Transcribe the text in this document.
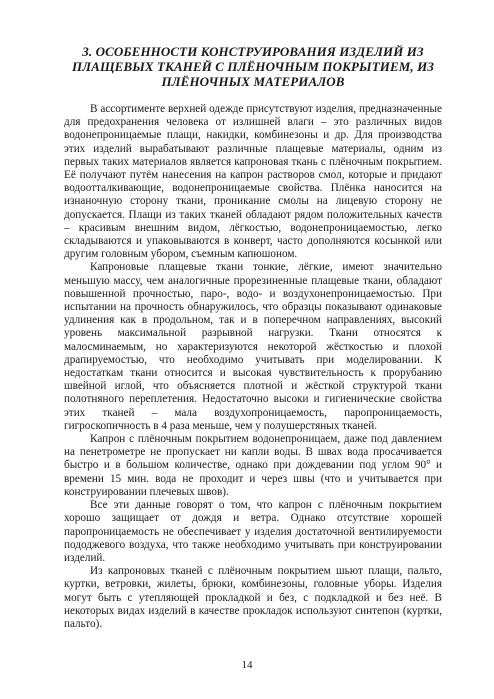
3. ОСОБЕННОСТИ КОНСТРУИРОВАНИЯ ИЗДЕЛИЙ ИЗ
ПЛАЩЕВЫХ ТКАНЕЙ С ПЛЁНОЧНЫМ ПОКРЫТИЕМ, ИЗ
ПЛЁНОЧНЫХ МАТЕРИАЛОВ

В ассортименте верхней одежде присутствуют изделия, предназначенные для предохранения человека от излишней влаги – это различных видов водонепроницаемые плащи, накидки, комбинезоны и др. Для производства этих изделий вырабатывают различные плащевые материалы, одним из первых таких материалов является капроновая ткань с плёночным покрытием. Её получают путём нанесения на капрон растворов смол, которые и придают водоотталкивающие, водонепроницаемые свойства. Плёнка наносится на изнаночную сторону ткани, проникание смолы на лицевую сторону не допускается. Плащи из таких тканей обладают рядом положительных качеств – красивым внешним видом, лёгкостью, водонепроницаемостью, легко складываются и упаковываются в конверт, часто дополняются косынкой или другим головным убором, съемным капюшоном.

Капроновые плащевые ткани тонкие, лёгкие, имеют значительно меньшую массу, чем аналогичные прорезиненные плащевые ткани, обладают повышенной прочностью, паро-, водо- и воздухонепроницаемостью. При испытании на прочность обнаружилось, что образцы показывают одинаковые удлинения как в продольном, так и в поперечном направлениях, высокий уровень максимальной разрывной нагрузки. Ткани относятся к малосминаемым, но характеризуются некоторой жёсткостью и плохой драпируемостью, что необходимо учитывать при моделировании. К недостаткам ткани относится и высокая чувствительность к прорубанию швейной иглой, что объясняется плотной и жёсткой структурой ткани полотняного переплетения. Недостаточно высоки и гигиенические свойства этих тканей – мала воздухопроницаемость, паропроницаемость, гигроскопичность в 4 раза меньше, чем у полушерстяных тканей.

Капрон с плёночным покрытием водонепроницаем, даже под давлением на пенетрометре не пропускает ни капли воды. В швах вода просачивается быстро и в большом количестве, однако при дождевании под углом 90° и времени 15 мин. вода не проходит и через швы (что и учитывается при конструировании плечевых швов).

Все эти данные говорят о том, что капрон с плёночным покрытием хорошо защищает от дождя и ветра. Однако отсутствие хорошей паропроницаемость не обеспечивает у изделия достаточной вентилируемости пододжевого воздуха, что также необходимо учитывать при конструировании изделий.

Из капроновых тканей с плёночным покрытием шьют плащи, пальто, куртки, ветровки, жилеты, брюки, комбинезоны, головные уборы. Изделия могут быть с утепляющей прокладкой и без, с подкладкой и без неё. В некоторых видах изделий в качестве прокладок используют синтепон (куртки, пальто).

14
